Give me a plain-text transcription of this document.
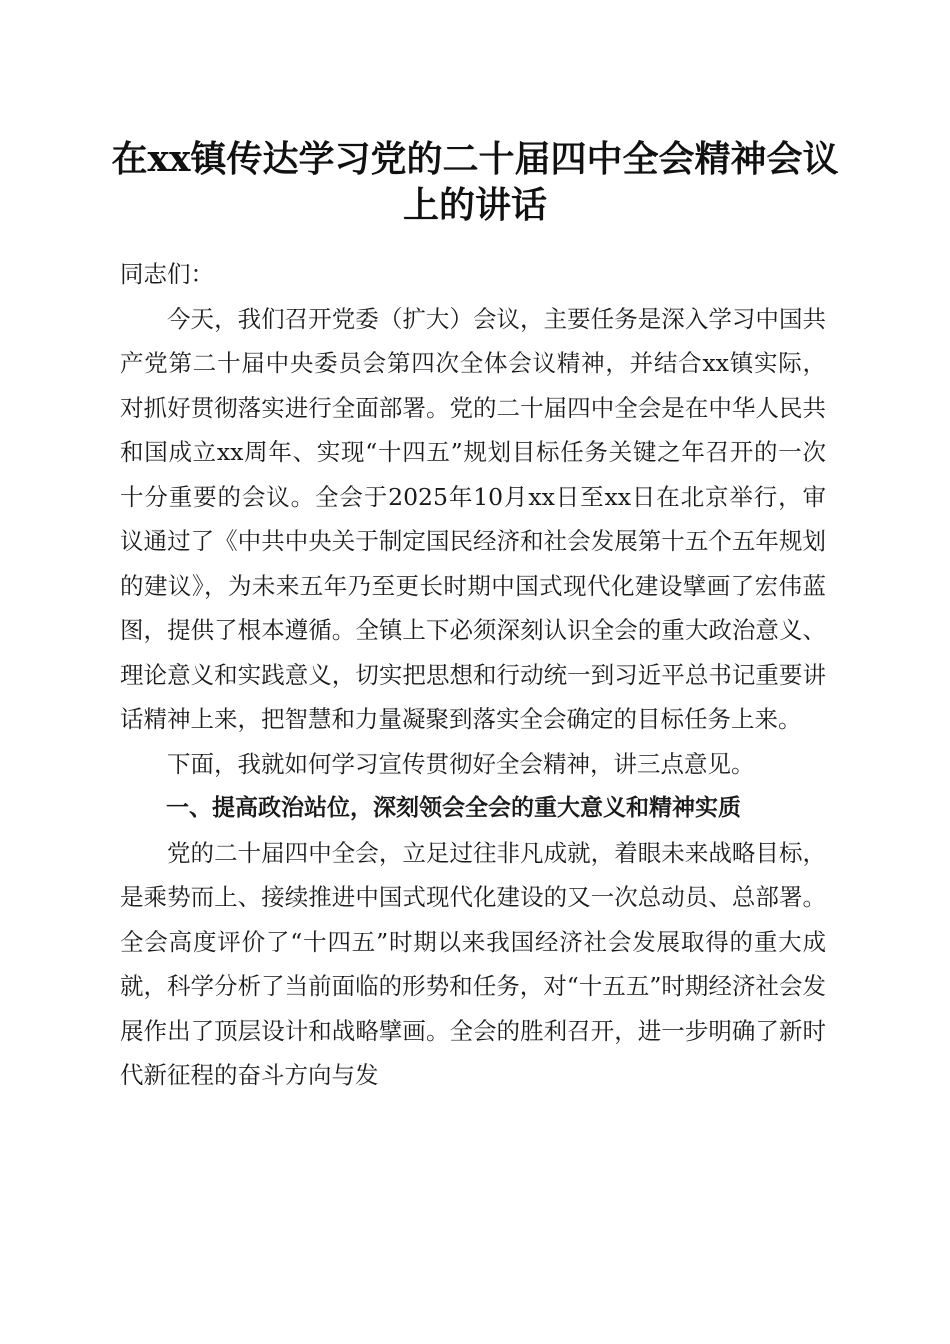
在xx镇传达学习党的二十届四中全会精神会议上的讲话

同志们：

今天，我们召开党委（扩大）会议，主要任务是深入学习中国共产党第二十届中央委员会第四次全体会议精神，并结合xx镇实际，对抓好贯彻落实进行全面部署。党的二十届四中全会是在中华人民共和国成立xx周年、实现“十四五”规划目标任务关键之年召开的一次十分重要的会议。全会于2025年10月xx日至xx日在北京举行，审议通过了《中共中央关于制定国民经济和社会发展第十五个五年规划的建议》，为未来五年乃至更长时期中国式现代化建设擘画了宏伟蓝图，提供了根本遵循。全镇上下必须深刻认识全会的重大政治意义、理论意义和实践意义，切实把思想和行动统一到习近平总书记重要讲话精神上来，把智慧和力量凝聚到落实全会确定的目标任务上来。

下面，我就如何学习宣传贯彻好全会精神，讲三点意见。

一、提高政治站位，深刻领会全会的重大意义和精神实质

党的二十届四中全会，立足过往非凡成就，着眼未来战略目标，是乘势而上、接续推进中国式现代化建设的又一次总动员、总部署。全会高度评价了“十四五”时期以来我国经济社会发展取得的重大成就，科学分析了当前面临的形势和任务，对“十五五”时期经济社会发展作出了顶层设计和战略擘画。全会的胜利召开，进一步明确了新时代新征程的奋斗方向与发
